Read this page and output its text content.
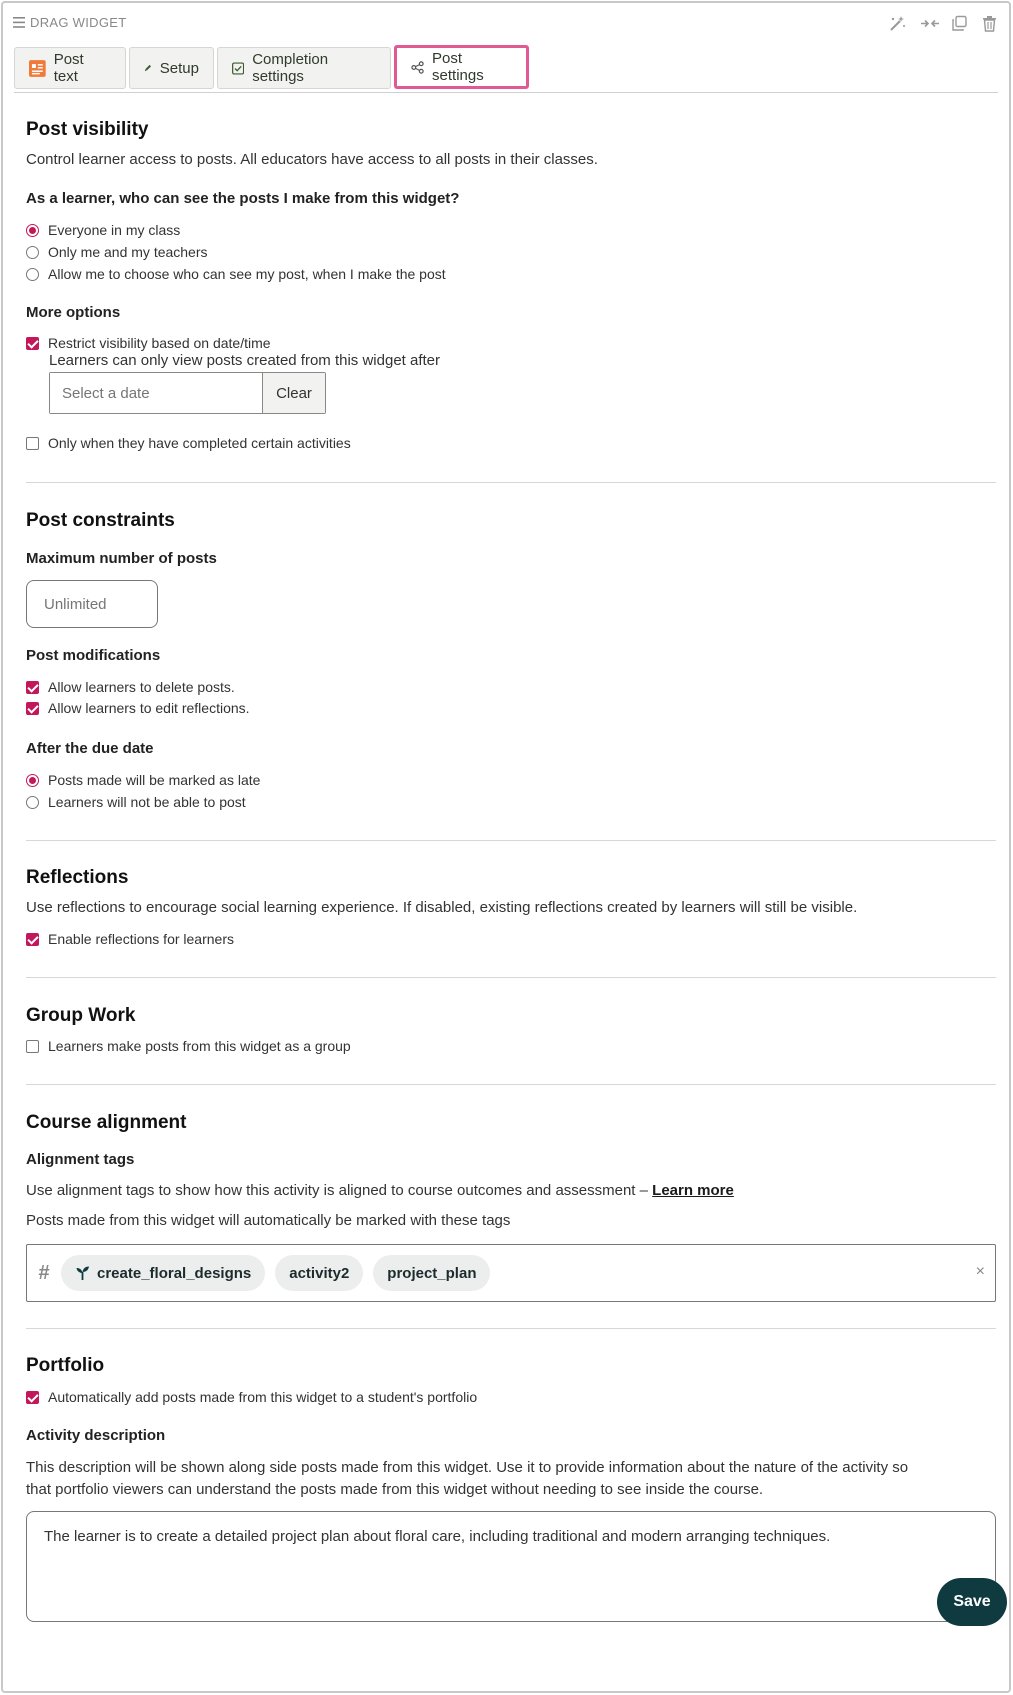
DRAG WIDGET
Post text	Setup	Completion settings
Post settings
Post visibility
Control learner access to posts. All educators have access to all posts in their classes.
As a learner, who can see the posts I make from this widget?
Everyone in my class
Only me and my teachers
Allow me to choose who can see my post, when I make the post
More options
Restrict visibility based on date/time
Learners can only view posts created from this widget after
Select a date
Clear
Only when they have completed certain activities
Post constraints
Maximum number of posts
Unlimited
Post modifications
Allow learners to delete posts.
Allow learners to edit reflections.
After the due date
Posts made will be marked as late
Learners will not be able to post
Reflections
Use reflections to encourage social learning experience. If disabled, existing reflections created by learners will still be visible.
Enable reflections for learners
Group Work
Learners make posts from this widget as a group
Course alignment
Alignment tags
Use alignment tags to show how this activity is aligned to course outcomes and assessment – Learn more
Posts made from this widget will automatically be marked with these tags
#	create_floral_designs	activity2	project_plan	×
Portfolio
Automatically add posts made from this widget to a student's portfolio
Activity description
This description will be shown along side posts made from this widget. Use it to provide information about the nature of the activity so
that portfolio viewers can understand the posts made from this widget without needing to see inside the course.
The learner is to create a detailed project plan about floral care, including traditional and modern arranging techniques.
Save
